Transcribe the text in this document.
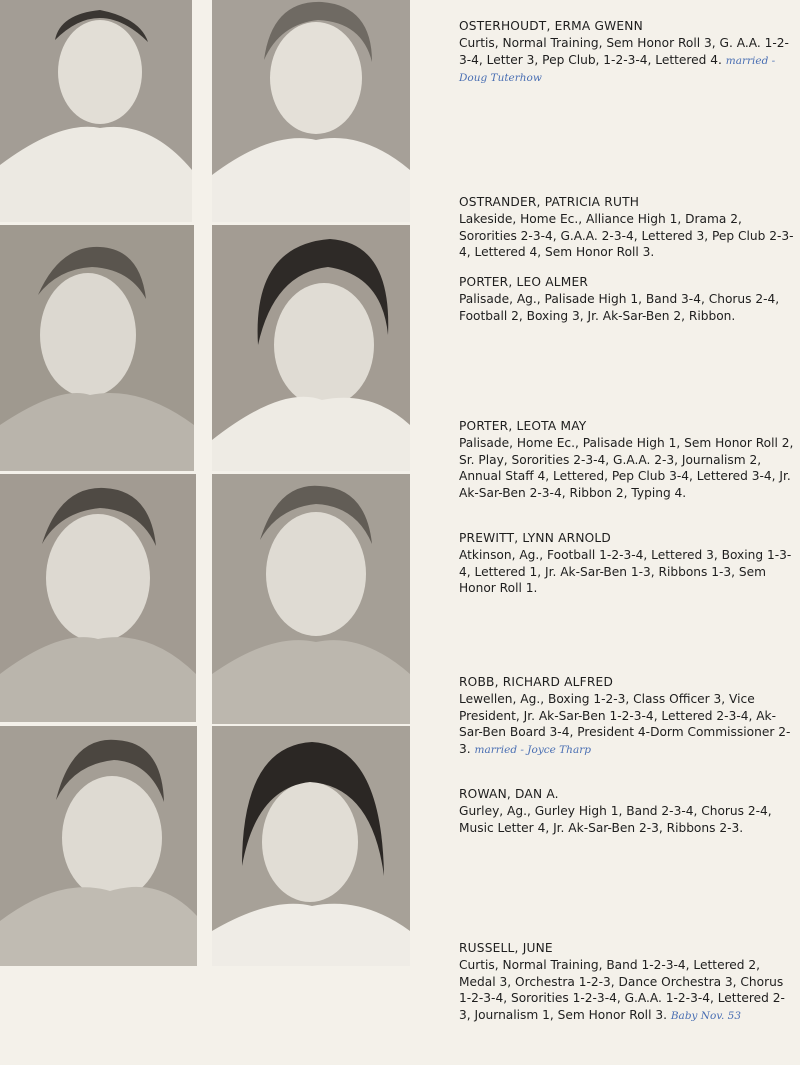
OSTERHOUDT, ERMA GWENN
Curtis, Normal Training, Sem Honor Roll 3, G. A.A. 1-2-3-4, Letter 3, Pep Club, 1-2-3-4, Lettered 4. married - Doug Tuterhow
OSTRANDER, PATRICIA RUTH
Lakeside, Home Ec., Alliance High 1, Drama 2, Sororities 2-3-4, G.A.A. 2-3-4, Lettered 3, Pep Club 2-3-4, Lettered 4, Sem Honor Roll 3.
PORTER, LEO ALMER
Palisade, Ag., Palisade High 1, Band 3-4, Chorus 2-4, Football 2, Boxing 3, Jr. Ak-Sar-Ben 2, Ribbon.
PORTER, LEOTA MAY
Palisade, Home Ec., Palisade High 1, Sem Honor Roll 2, Sr. Play, Sororities 2-3-4, G.A.A. 2-3, Journalism 2, Annual Staff 4, Lettered, Pep Club 3-4, Lettered 3-4, Jr. Ak-Sar-Ben 2-3-4, Ribbon 2, Typing 4.
PREWITT, LYNN ARNOLD
Atkinson, Ag., Football 1-2-3-4, Lettered 3, Boxing 1-3-4, Lettered 1, Jr. Ak-Sar-Ben 1-3, Ribbons 1-3, Sem Honor Roll 1.
ROBB, RICHARD ALFRED
Lewellen, Ag., Boxing 1-2-3, Class Officer 3, Vice President, Jr. Ak-Sar-Ben 1-2-3-4, Lettered 2-3-4, Ak-Sar-Ben Board 3-4, President 4-Dorm Commissioner 2-3. married - Joyce Tharp
ROWAN, DAN A.
Gurley, Ag., Gurley High 1, Band 2-3-4, Chorus 2-4, Music Letter 4, Jr. Ak-Sar-Ben 2-3, Ribbons 2-3.
RUSSELL, JUNE
Curtis, Normal Training, Band 1-2-3-4, Lettered 2, Medal 3, Orchestra 1-2-3, Dance Orchestra 3, Chorus 1-2-3-4, Sororities 1-2-3-4, G.A.A. 1-2-3-4, Lettered 2-3, Journalism 1, Sem Honor Roll 3. Baby Nov. 53
